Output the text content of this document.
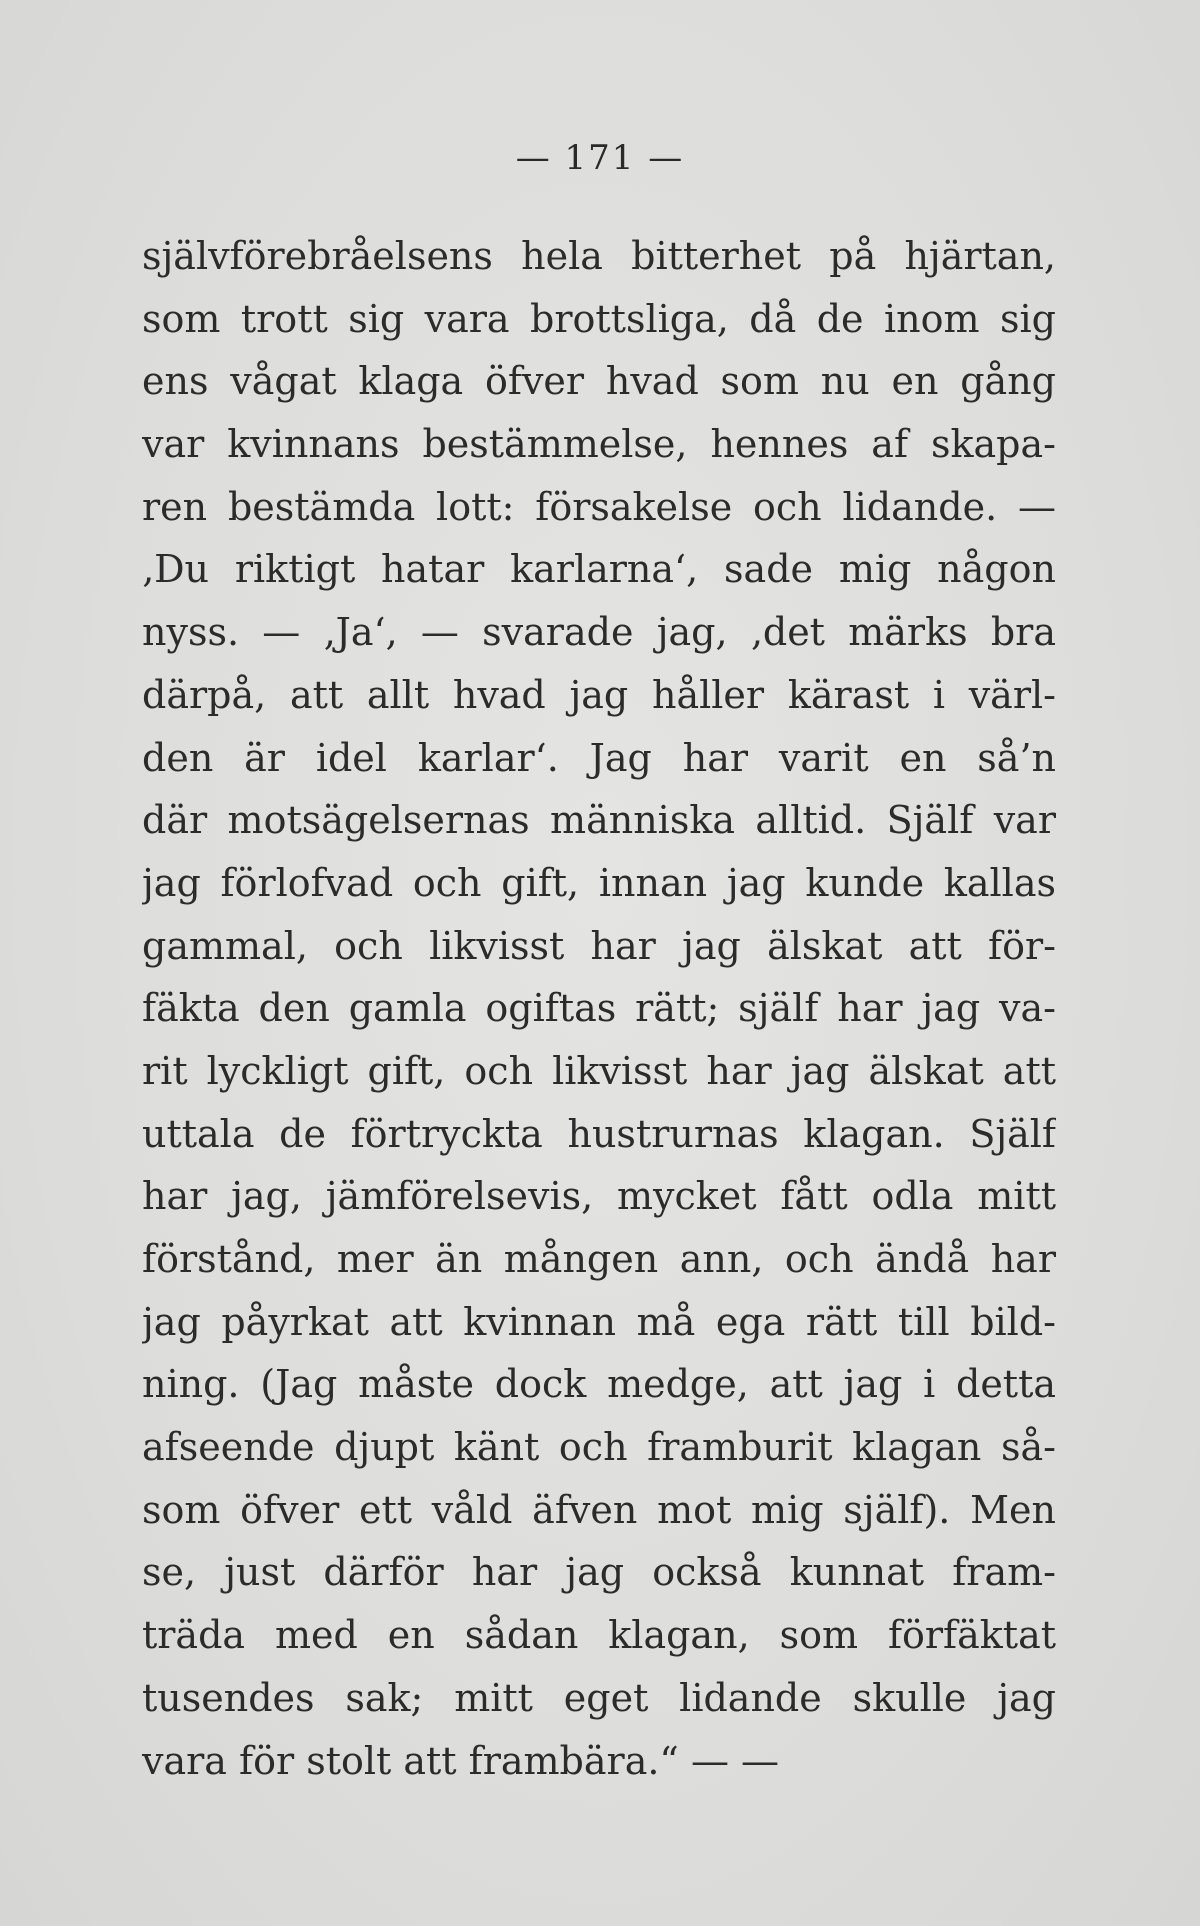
— 171 —
självförebråelsens hela bitterhet på hjärtan,
som trott sig vara brottsliga, då de inom sig
ens vågat klaga öfver hvad som nu en gång
var kvinnans bestämmelse, hennes af skapa-
ren bestämda lott: försakelse och lidande. —
‚Du riktigt hatar karlarna‘, sade mig någon
nyss. — ‚Ja‘, — svarade jag, ‚det märks bra
därpå, att allt hvad jag håller kärast i värl-
den är idel karlar‘. Jag har varit en så’n
där motsägelsernas människa alltid. Själf var
jag förlofvad och gift, innan jag kunde kallas
gammal, och likvisst har jag älskat att för-
fäkta den gamla ogiftas rätt; själf har jag va-
rit lyckligt gift, och likvisst har jag älskat att
uttala de förtryckta hustrurnas klagan. Själf
har jag, jämförelsevis, mycket fått odla mitt
förstånd, mer än mången ann, och ändå har
jag påyrkat att kvinnan må ega rätt till bild-
ning. (Jag måste dock medge, att jag i detta
afseende djupt känt och framburit klagan så-
som öfver ett våld äfven mot mig själf). Men
se, just därför har jag också kunnat fram-
träda med en sådan klagan, som förfäktat
tusendes sak; mitt eget lidande skulle jag
vara för stolt att frambära.“ — —
